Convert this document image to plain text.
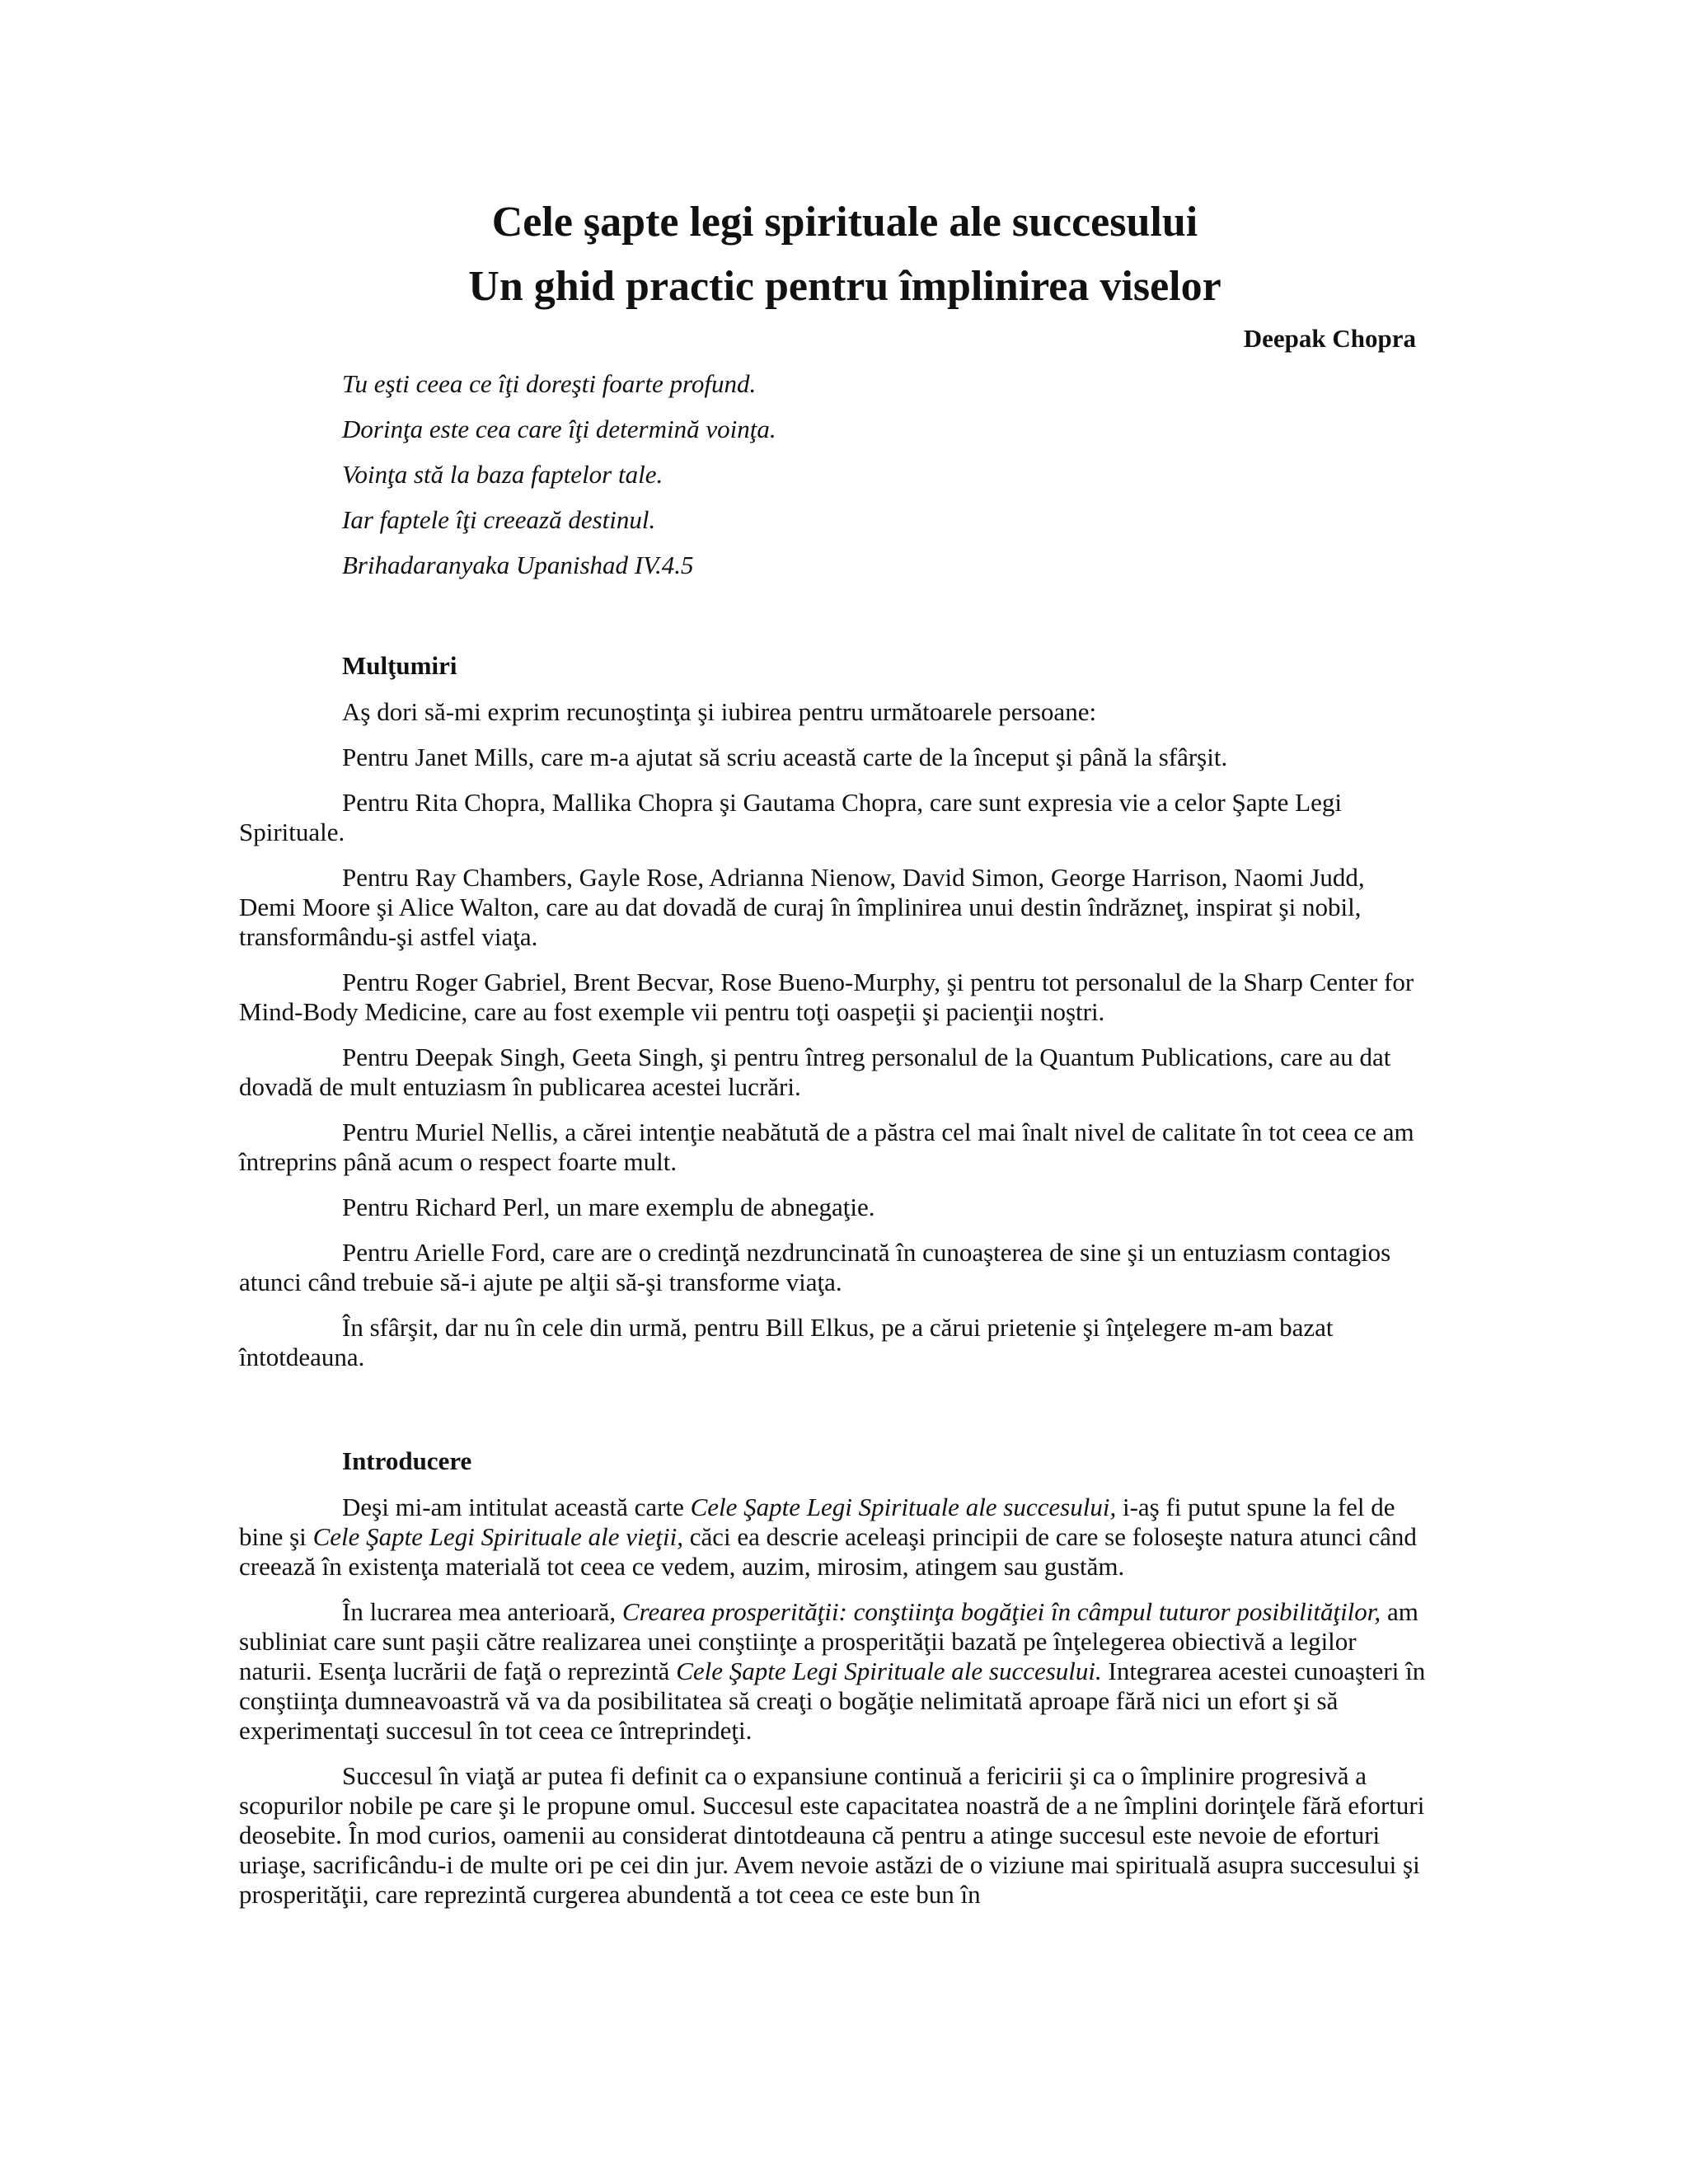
Cele şapte legi spirituale ale succesului
Un ghid practic pentru împlinirea viselor

Deepak Chopra

Tu eşti ceea ce îţi doreşti foarte profund.
Dorinţa este cea care îţi determină voinţa.
Voinţa stă la baza faptelor tale.
Iar faptele îţi creează destinul.
Brihadaranyaka Upanishad IV.4.5
Mulţumiri

Aş dori să-mi exprim recunoştinţa şi iubirea pentru următoarele persoane:

Pentru Janet Mills, care m-a ajutat să scriu această carte de la început şi până la sfârşit.

Pentru Rita Chopra, Mallika Chopra şi Gautama Chopra, care sunt expresia vie a celor Şapte Legi Spirituale.

Pentru Ray Chambers, Gayle Rose, Adrianna Nienow, David Simon, George Harrison, Naomi Judd, Demi Moore şi Alice Walton, care au dat dovadă de curaj în împlinirea unui destin îndrăzneţ, inspirat şi nobil, transformându-şi astfel viaţa.

Pentru Roger Gabriel, Brent Becvar, Rose Bueno-Murphy, şi pentru tot personalul de la Sharp Center for Mind-Body Medicine, care au fost exemple vii pentru toţi oaspeţii şi pacienţii noştri.

Pentru Deepak Singh, Geeta Singh, şi pentru întreg personalul de la Quantum Publications, care au dat dovadă de mult entuziasm în publicarea acestei lucrări.

Pentru Muriel Nellis, a cărei intenţie neabătută de a păstra cel mai înalt nivel de calitate în tot ceea ce am întreprins până acum o respect foarte mult.

Pentru Richard Perl, un mare exemplu de abnegaţie.

Pentru Arielle Ford, care are o credinţă nezdruncinată în cunoaşterea de sine şi un entuziasm contagios atunci când trebuie să-i ajute pe alţii să-şi transforme viaţa.

În sfârşit, dar nu în cele din urmă, pentru Bill Elkus, pe a cărui prietenie şi înţelegere m-am bazat întotdeauna.

Introducere

Deşi mi-am intitulat această carte Cele Şapte Legi Spirituale ale succesului, i-aş fi putut spune la fel de bine şi Cele Şapte Legi Spirituale ale vieţii, căci ea descrie aceleaşi principii de care se foloseşte natura atunci când creează în existenţa materială tot ceea ce vedem, auzim, mirosim, atingem sau gustăm.

În lucrarea mea anterioară, Crearea prosperităţii: conştiinţa bogăţiei în câmpul tuturor posibilităţilor, am subliniat care sunt paşii către realizarea unei conştiinţe a prosperităţii bazată pe înţelegerea obiectivă a legilor naturii. Esenţa lucrării de faţă o reprezintă Cele Şapte Legi Spirituale ale succesului. Integrarea acestei cunoaşteri în conştiinţa dumneavoastră vă va da posibilitatea să creaţi o bogăţie nelimitată aproape fără nici un efort şi să experimentaţi succesul în tot ceea ce întreprindeţi.

Succesul în viaţă ar putea fi definit ca o expansiune continuă a fericirii şi ca o împlinire progresivă a scopurilor nobile pe care şi le propune omul. Succesul este capacitatea noastră de a ne împlini dorinţele fără eforturi deosebite. În mod curios, oamenii au considerat dintotdeauna că pentru a atinge succesul este nevoie de eforturi uriaşe, sacrificându-i de multe ori pe cei din jur. Avem nevoie astăzi de o viziune mai spirituală asupra succesului şi prosperităţii, care reprezintă curgerea abundentă a tot ceea ce este bun în
